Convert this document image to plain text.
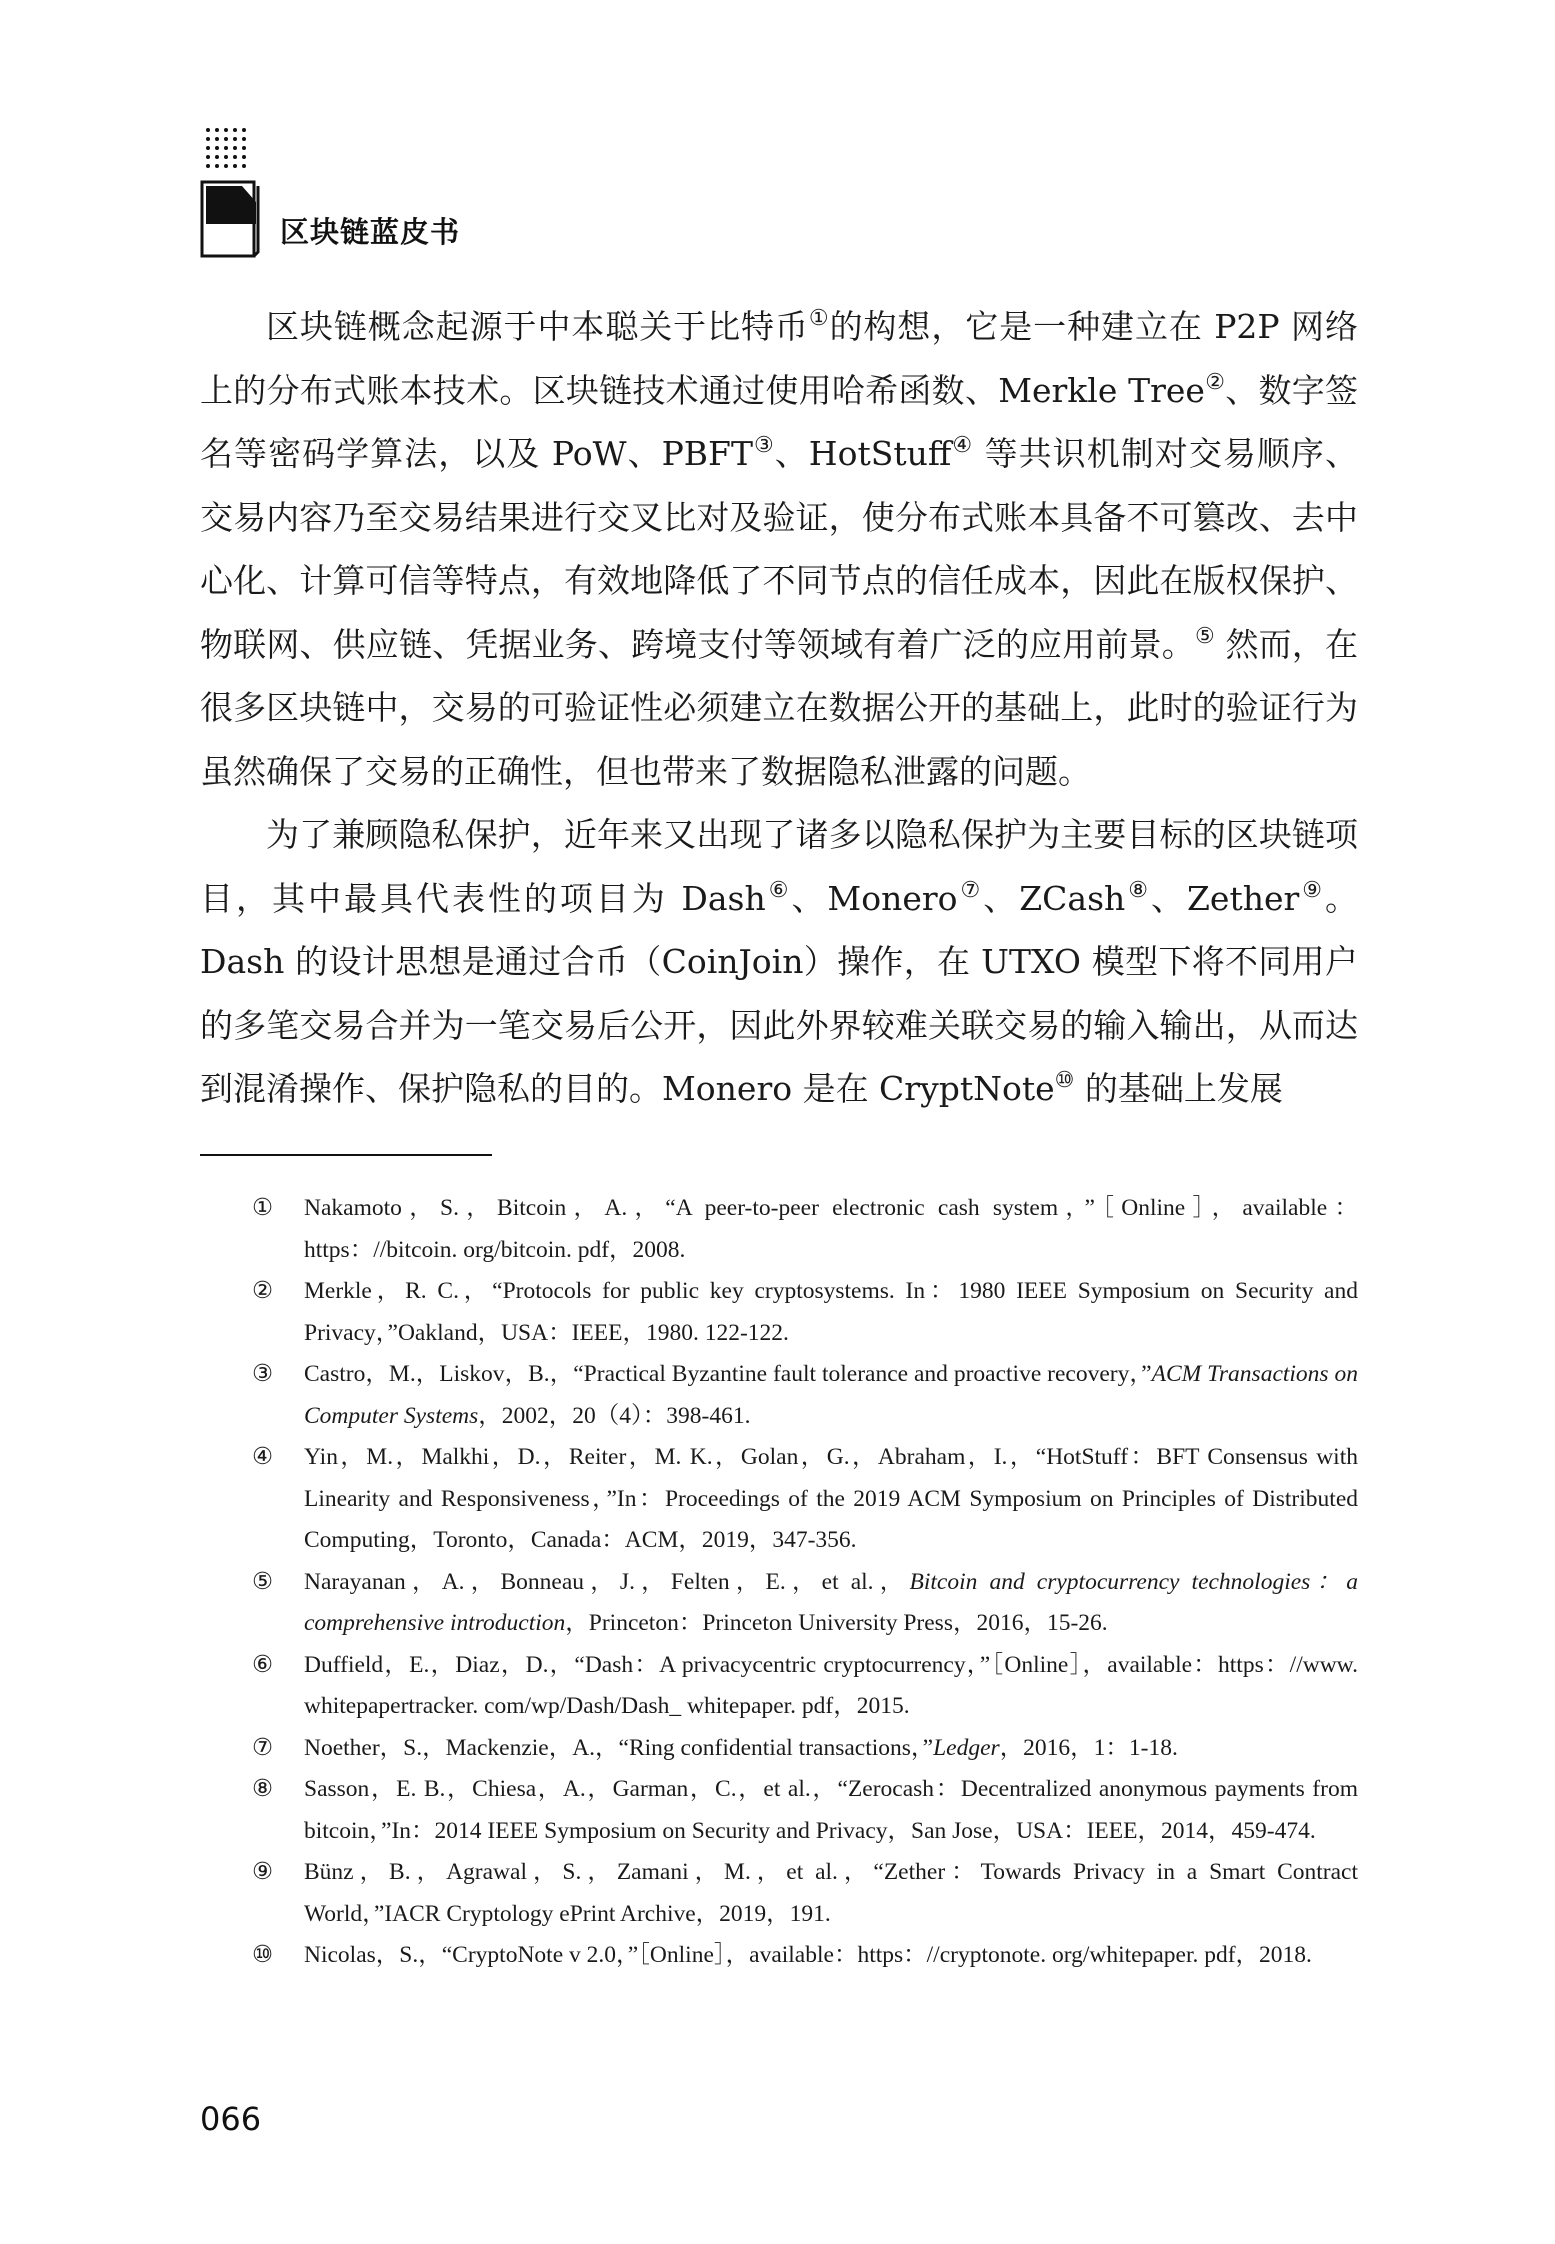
区块链蓝皮书

区块链概念起源于中本聪关于比特币①的构想，它是一种建立在 P2P 网络上的分布式账本技术。区块链技术通过使用哈希函数、Merkle Tree②、数字签名等密码学算法，以及 PoW、PBFT③、HotStuff④ 等共识机制对交易顺序、交易内容乃至交易结果进行交叉比对及验证，使分布式账本具备不可篡改、去中心化、计算可信等特点，有效地降低了不同节点的信任成本，因此在版权保护、物联网、供应链、凭据业务、跨境支付等领域有着广泛的应用前景。⑤ 然而，在很多区块链中，交易的可验证性必须建立在数据公开的基础上，此时的验证行为虽然确保了交易的正确性，但也带来了数据隐私泄露的问题。

为了兼顾隐私保护，近年来又出现了诸多以隐私保护为主要目标的区块链项目，其中最具代表性的项目为 Dash⑥、Monero⑦、ZCash⑧、Zether⑨。Dash 的设计思想是通过合币（CoinJoin）操作，在 UTXO 模型下将不同用户的多笔交易合并为一笔交易后公开，因此外界较难关联交易的输入输出，从而达到混淆操作、保护隐私的目的。Monero 是在 CryptNote⑩ 的基础上发展

① Nakamoto，S.，Bitcoin，A.，“A peer-to-peer electronic cash system，”［Online］，available：https：//bitcoin. org/bitcoin. pdf，2008.

② Merkle，R. C.，“Protocols for public key cryptosystems. In：1980 IEEE Symposium on Security and Privacy，”Oakland，USA：IEEE，1980. 122-122.

③ Castro，M.，Liskov，B.，“Practical Byzantine fault tolerance and proactive recovery，”ACM Transactions on Computer Systems，2002，20（4）：398-461.

④ Yin，M.，Malkhi，D.，Reiter，M. K.，Golan，G.，Abraham，I.，“HotStuff：BFT Consensus with Linearity and Responsiveness，”In：Proceedings of the 2019 ACM Symposium on Principles of Distributed Computing，Toronto，Canada：ACM，2019，347-356.

⑤ Narayanan，A.，Bonneau，J.，Felten，E.，et al.，Bitcoin and cryptocurrency technologies：a comprehensive introduction，Princeton：Princeton University Press，2016，15-26.

⑥ Duffield，E.，Diaz，D.，“Dash：A privacycentric cryptocurrency，”［Online］，available：https：//www. whitepapertracker. com/wp/Dash/Dash_ whitepaper. pdf，2015.

⑦ Noether，S.，Mackenzie，A.，“Ring confidential transactions，”Ledger，2016，1：1-18.

⑧ Sasson，E. B.，Chiesa，A.，Garman，C.，et al.，“Zerocash：Decentralized anonymous payments from bitcoin，”In：2014 IEEE Symposium on Security and Privacy，San Jose，USA：IEEE，2014，459-474.

⑨ Bünz，B.，Agrawal，S.，Zamani，M.，et al.，“Zether：Towards Privacy in a Smart Contract World，”IACR Cryptology ePrint Archive，2019，191.

⑩ Nicolas，S.，“CryptoNote v 2.0，”［Online］，available：https：//cryptonote. org/whitepaper. pdf，2018.

066
